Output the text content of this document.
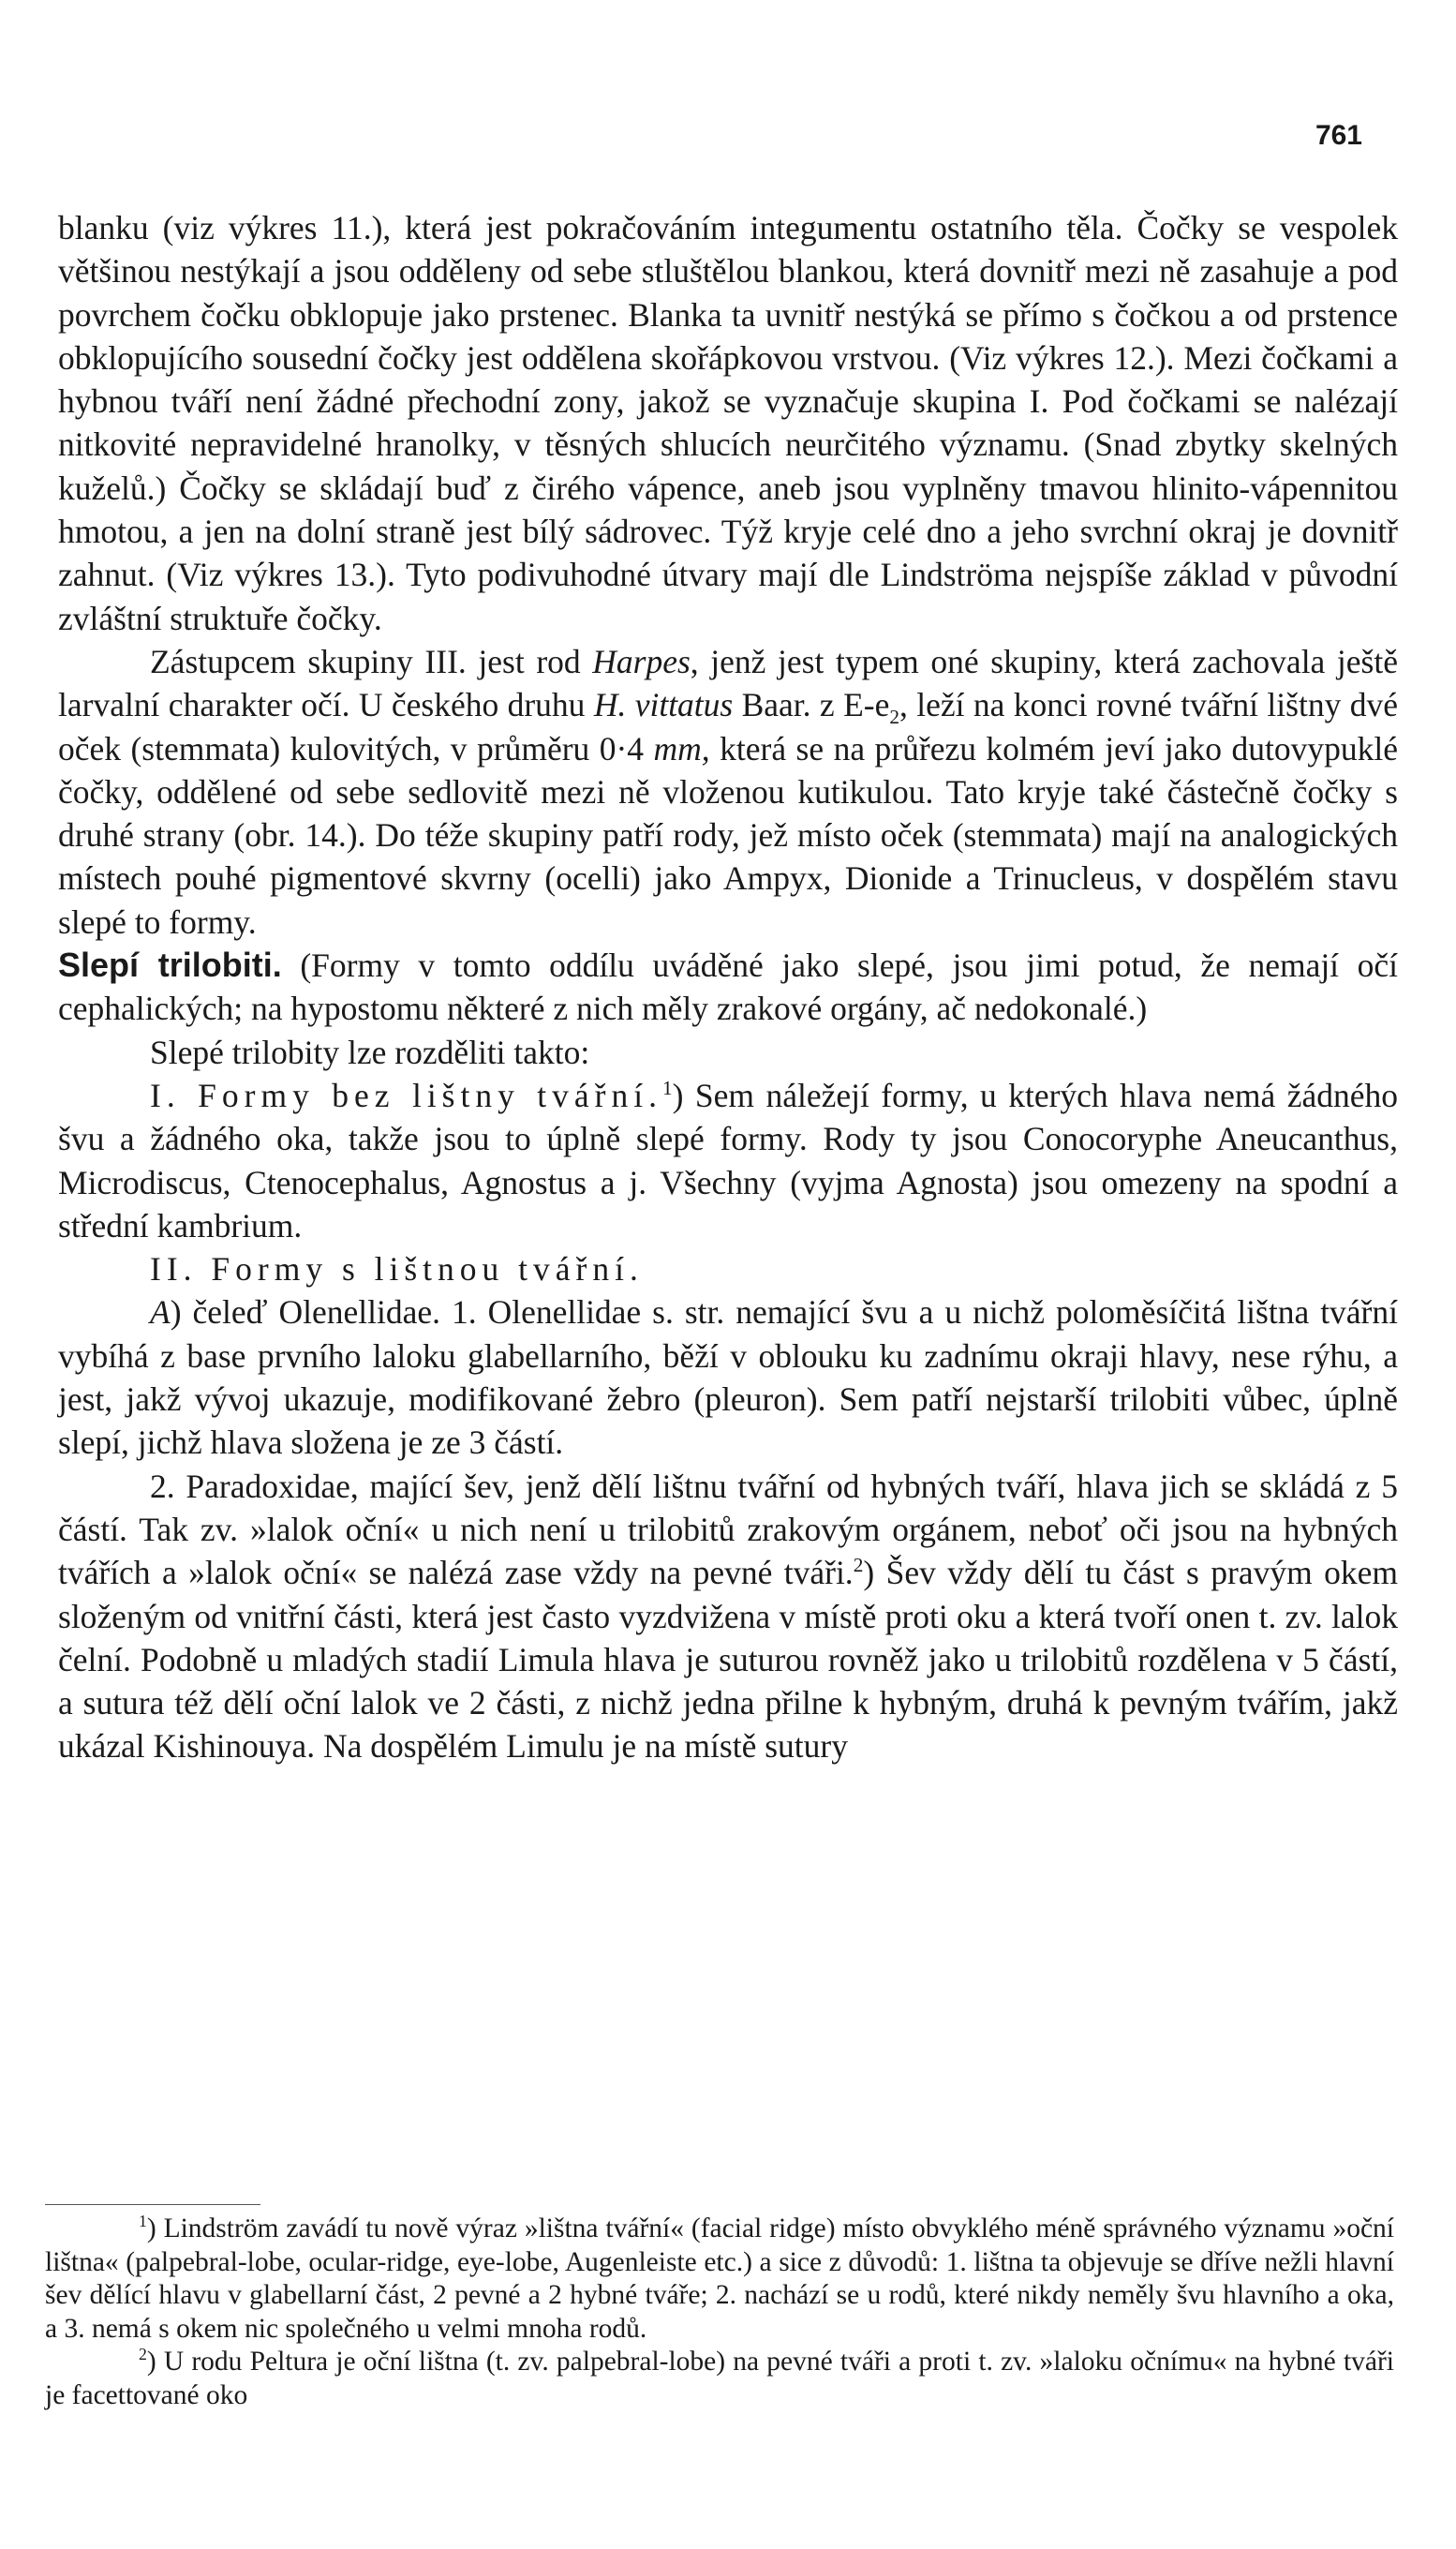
761

blanku (viz výkres 11.), která jest pokračováním integumentu ostatního těla. Čočky se vespolek většinou nestýkají a jsou odděleny od sebe stluštělou blankou, která dovnitř mezi ně zasahuje a pod povrchem čočku obklopuje jako prstenec. Blanka ta uvnitř nestýká se přímo s čočkou a od prstence obklopujícího sousední čočky jest oddělena skořápkovou vrstvou. (Viz výkres 12.). Mezi čočkami a hybnou tváří není žádné přechodní zony, jakož se vyznačuje skupina I. Pod čočkami se nalézají nitkovité nepravidelné hranolky, v těsných shlucích neurčitého významu. (Snad zbytky skelných kuželů.) Čočky se skládají buď z čirého vápence, aneb jsou vyplněny tmavou hlinito-vápennitou hmotou, a jen na dolní straně jest bílý sádrovec. Týž kryje celé dno a jeho svrchní okraj je dovnitř zahnut. (Viz výkres 13.). Tyto podivuhodné útvary mají dle Lindströma nejspíše základ v původní zvláštní struktuře čočky.

Zástupcem skupiny III. jest rod Harpes, jenž jest typem oné skupiny, která zachovala ještě larvalní charakter očí. U českého druhu H. vittatus Baar. z $E-e_2$, leží na konci rovné tvářní lištny dvé oček (stemmata) kulovitých, v průměru 0·4 mm, která se na průřezu kolmém jeví jako dutovypuklé čočky, oddělené od sebe sedlovitě mezi ně vloženou kutikulou. Tato kryje také částečně čočky s druhé strany (obr. 14.). Do téže skupiny patří rody, jež místo oček (stemmata) mají na analogických místech pouhé pigmentové skvrny (ocelli) jako Ampyx, Dionide a Trinucleus, v dospělém stavu slepé to formy.

Slepí trilobiti. (Formy v tomto oddílu uváděné jako slepé, jsou jimi potud, že nemají očí cephalických; na hypostomu některé z nich měly zrakové orgány, ač nedokonalé.)

Slepé trilobity lze rozděliti takto:

I. Formy bez lištny tvářní.$^1$) Sem náležejí formy, u kterých hlava nemá žádného švu a žádného oka, takže jsou to úplně slepé formy. Rody ty jsou Conocoryphe Aneucanthus, Microdiscus, Ctenocephalus, Agnostus a j. Všechny (vyjma Agnosta) jsou omezeny na spodní a střední kambrium.

II. Formy s lištnou tvářní.

A) čeleď Olenellidae. 1. Olenellidae s. str. nemající švu a u nichž poloměsíčitá lištna tvářní vybíhá z base prvního laloku glabellarního, běží v oblouku ku zadnímu okraji hlavy, nese rýhu, a jest, jakž vývoj ukazuje, modifikované žebro (pleuron). Sem patří nejstarší trilobiti vůbec, úplně slepí, jichž hlava složena je ze 3 částí.

2. Paradoxidae, mající šev, jenž dělí lištnu tvářní od hybných tváří, hlava jich se skládá z 5 částí. Tak zv. »lalok oční« u nich není u trilobitů zrakovým orgánem, neboť oči jsou na hybných tvářích a »lalok oční« se nalézá zase vždy na pevné tváři.$^2$) Šev vždy dělí tu část s pravým okem složeným od vnitřní části, která jest často vyzdvižena v místě proti oku a která tvoří onen t. zv. lalok čelní. Podobně u mladých stadií Limula hlava je suturou rovněž jako u trilobitů rozdělena v 5 částí, a sutura též dělí oční lalok ve 2 části, z nichž jedna přilne k hybným, druhá k pevným tvářím, jakž ukázal Kishinouya. Na dospělém Limulu je na místě sutury

$^1$) Lindström zavádí tu nově výraz »lištna tvářní« (facial ridge) místo obvyklého méně správného významu »oční lištna« (palpebral-lobe, ocular-ridge, eye-lobe, Augenleiste etc.) a sice z důvodů: 1. lištna ta objevuje se dříve nežli hlavní šev dělící hlavu v glabellarní část, 2 pevné a 2 hybné tváře; 2. nachází se u rodů, které nikdy neměly švu hlavního a oka, a 3. nemá s okem nic společného u velmi mnoha rodů.

$^2$) U rodu Peltura je oční lištna (t. zv. palpebral-lobe) na pevné tváři a proti t. zv. »laloku očnímu« na hybné tváři je facettované oko
